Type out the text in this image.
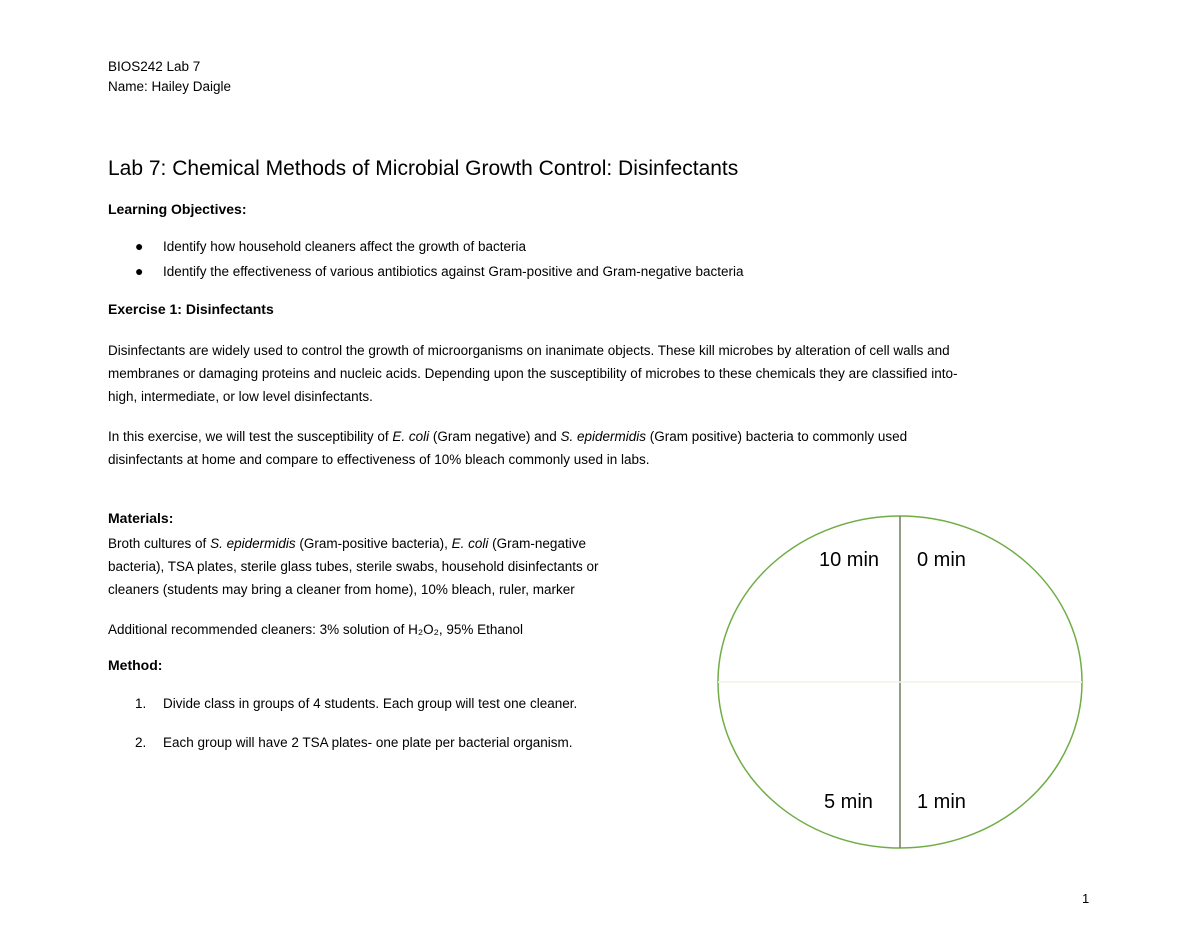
BIOS242 Lab 7
Name: Hailey Daigle
Lab 7: Chemical Methods of Microbial Growth Control: Disinfectants
Learning Objectives:
● Identify how household cleaners affect the growth of bacteria
● Identify the effectiveness of various antibiotics against Gram-positive and Gram-negative bacteria
Exercise 1: Disinfectants
Disinfectants are widely used to control the growth of microorganisms on inanimate objects. These kill microbes by alteration of cell walls and
membranes or damaging proteins and nucleic acids. Depending upon the susceptibility of microbes to these chemicals they are classified into-
high, intermediate, or low level disinfectants.
In this exercise, we will test the susceptibility of E. coli (Gram negative) and S. epidermidis (Gram positive) bacteria to commonly used
disinfectants at home and compare to effectiveness of 10% bleach commonly used in labs.
Materials:
Broth cultures of S. epidermidis (Gram-positive bacteria), E. coli (Gram-negative
bacteria), TSA plates, sterile glass tubes, sterile swabs, household disinfectants or
cleaners (students may bring a cleaner from home), 10% bleach, ruler, marker
Additional recommended cleaners: 3% solution of H₂O₂, 95% Ethanol
Method:
1. Divide class in groups of 4 students. Each group will test one cleaner.
2. Each group will have 2 TSA plates- one plate per bacterial organism.
10 min 0 min
5 min 1 min
1
